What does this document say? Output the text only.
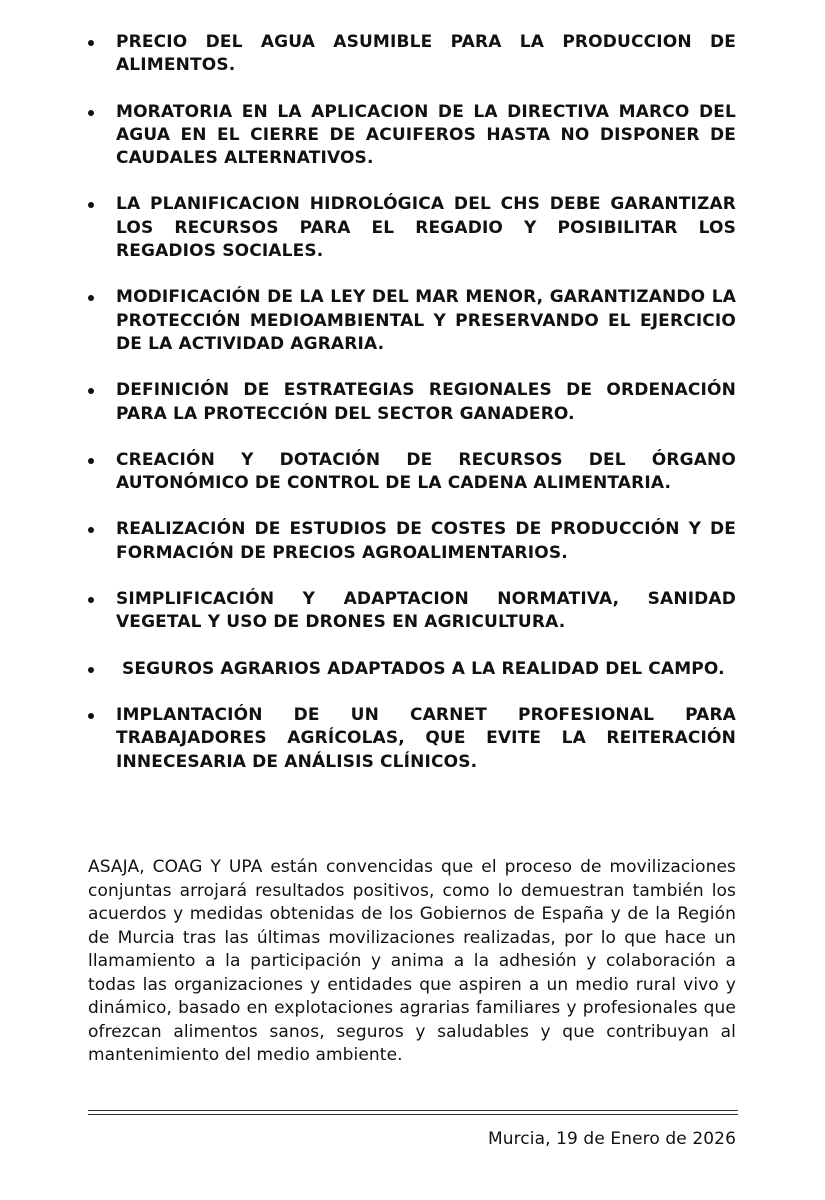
PRECIO DEL AGUA ASUMIBLE PARA LA PRODUCCION DE ALIMENTOS.
MORATORIA EN LA APLICACION DE LA DIRECTIVA MARCO DEL AGUA EN EL CIERRE DE ACUIFEROS HASTA NO DISPONER DE CAUDALES ALTERNATIVOS.
LA PLANIFICACION HIDROLÓGICA DEL CHS DEBE GARANTIZAR LOS RECURSOS PARA EL REGADIO Y POSIBILITAR LOS REGADIOS SOCIALES.
MODIFICACIÓN DE LA LEY DEL MAR MENOR, GARANTIZANDO LA PROTECCIÓN MEDIOAMBIENTAL Y PRESERVANDO EL EJERCICIO DE LA ACTIVIDAD AGRARIA.
DEFINICIÓN DE ESTRATEGIAS REGIONALES DE ORDENACIÓN PARA LA PROTECCIÓN DEL SECTOR GANADERO.
CREACIÓN Y DOTACIÓN DE RECURSOS DEL ÓRGANO AUTONÓMICO DE CONTROL DE LA CADENA ALIMENTARIA.
REALIZACIÓN DE ESTUDIOS DE COSTES DE PRODUCCIÓN Y DE FORMACIÓN DE PRECIOS AGROALIMENTARIOS.
SIMPLIFICACIÓN Y ADAPTACION NORMATIVA, SANIDAD VEGETAL Y USO DE DRONES EN AGRICULTURA.
SEGUROS AGRARIOS ADAPTADOS A LA REALIDAD DEL CAMPO.
IMPLANTACIÓN DE UN CARNET PROFESIONAL PARA TRABAJADORES AGRÍCOLAS, QUE EVITE LA REITERACIÓN INNECESARIA DE ANÁLISIS CLÍNICOS.

ASAJA, COAG Y UPA están convencidas que el proceso de movilizaciones conjuntas arrojará resultados positivos, como lo demuestran también los acuerdos y medidas obtenidas de los Gobiernos de España y de la Región de Murcia tras las últimas movilizaciones realizadas, por lo que hace un llamamiento a la participación y anima a la adhesión y colaboración a todas las organizaciones y entidades que aspiren a un medio rural vivo y dinámico, basado en explotaciones agrarias familiares y profesionales que ofrezcan alimentos sanos, seguros y saludables y que contribuyan al mantenimiento del medio ambiente.

Murcia, 19 de Enero de 2026
